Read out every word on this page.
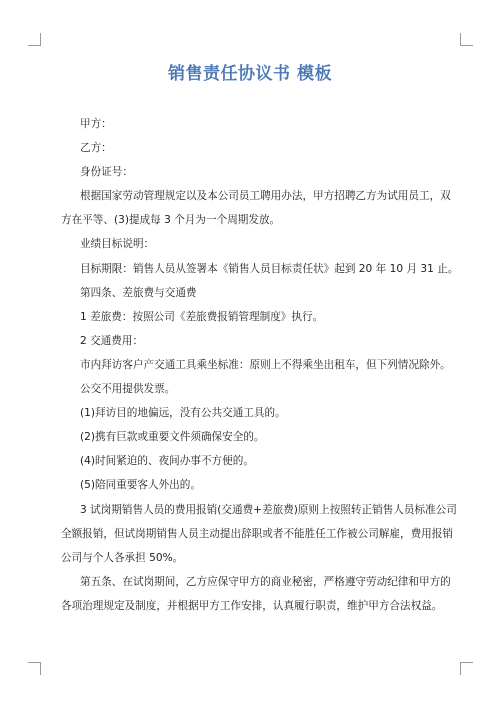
销售责任协议书 模板

甲方：

乙方：

身份证号：

根据国家劳动管理规定以及本公司员工聘用办法，甲方招聘乙方为试用员工，双

方在平等、(3)提成每 3 个月为一个周期发放。

业绩目标说明：

目标期限：销售人员从签署本《销售人员目标责任状》起到 20 年 10 月 31 止。

第四条、差旅费与交通费

1 差旅费：按照公司《差旅费报销管理制度》执行。

2 交通费用：

市内拜访客户产交通工具乘坐标准：原则上不得乘坐出租车，但下列情况除外。

公交不用提供发票。

(1)拜访目的地偏远，没有公共交通工具的。

(2)携有巨款或重要文件须确保安全的。

(4)时间紧迫的、夜间办事不方便的。

(5)陪同重要客人外出的。

3 试岗期销售人员的费用报销(交通费+差旅费)原则上按照转正销售人员标准公司

全额报销，但试岗期销售人员主动提出辞职或者不能胜任工作被公司解雇，费用报销

公司与个人各承担 50%。

第五条、在试岗期间，乙方应保守甲方的商业秘密，严格遵守劳动纪律和甲方的

各项治理规定及制度，并根据甲方工作安排，认真履行职责，维护甲方合法权益。
